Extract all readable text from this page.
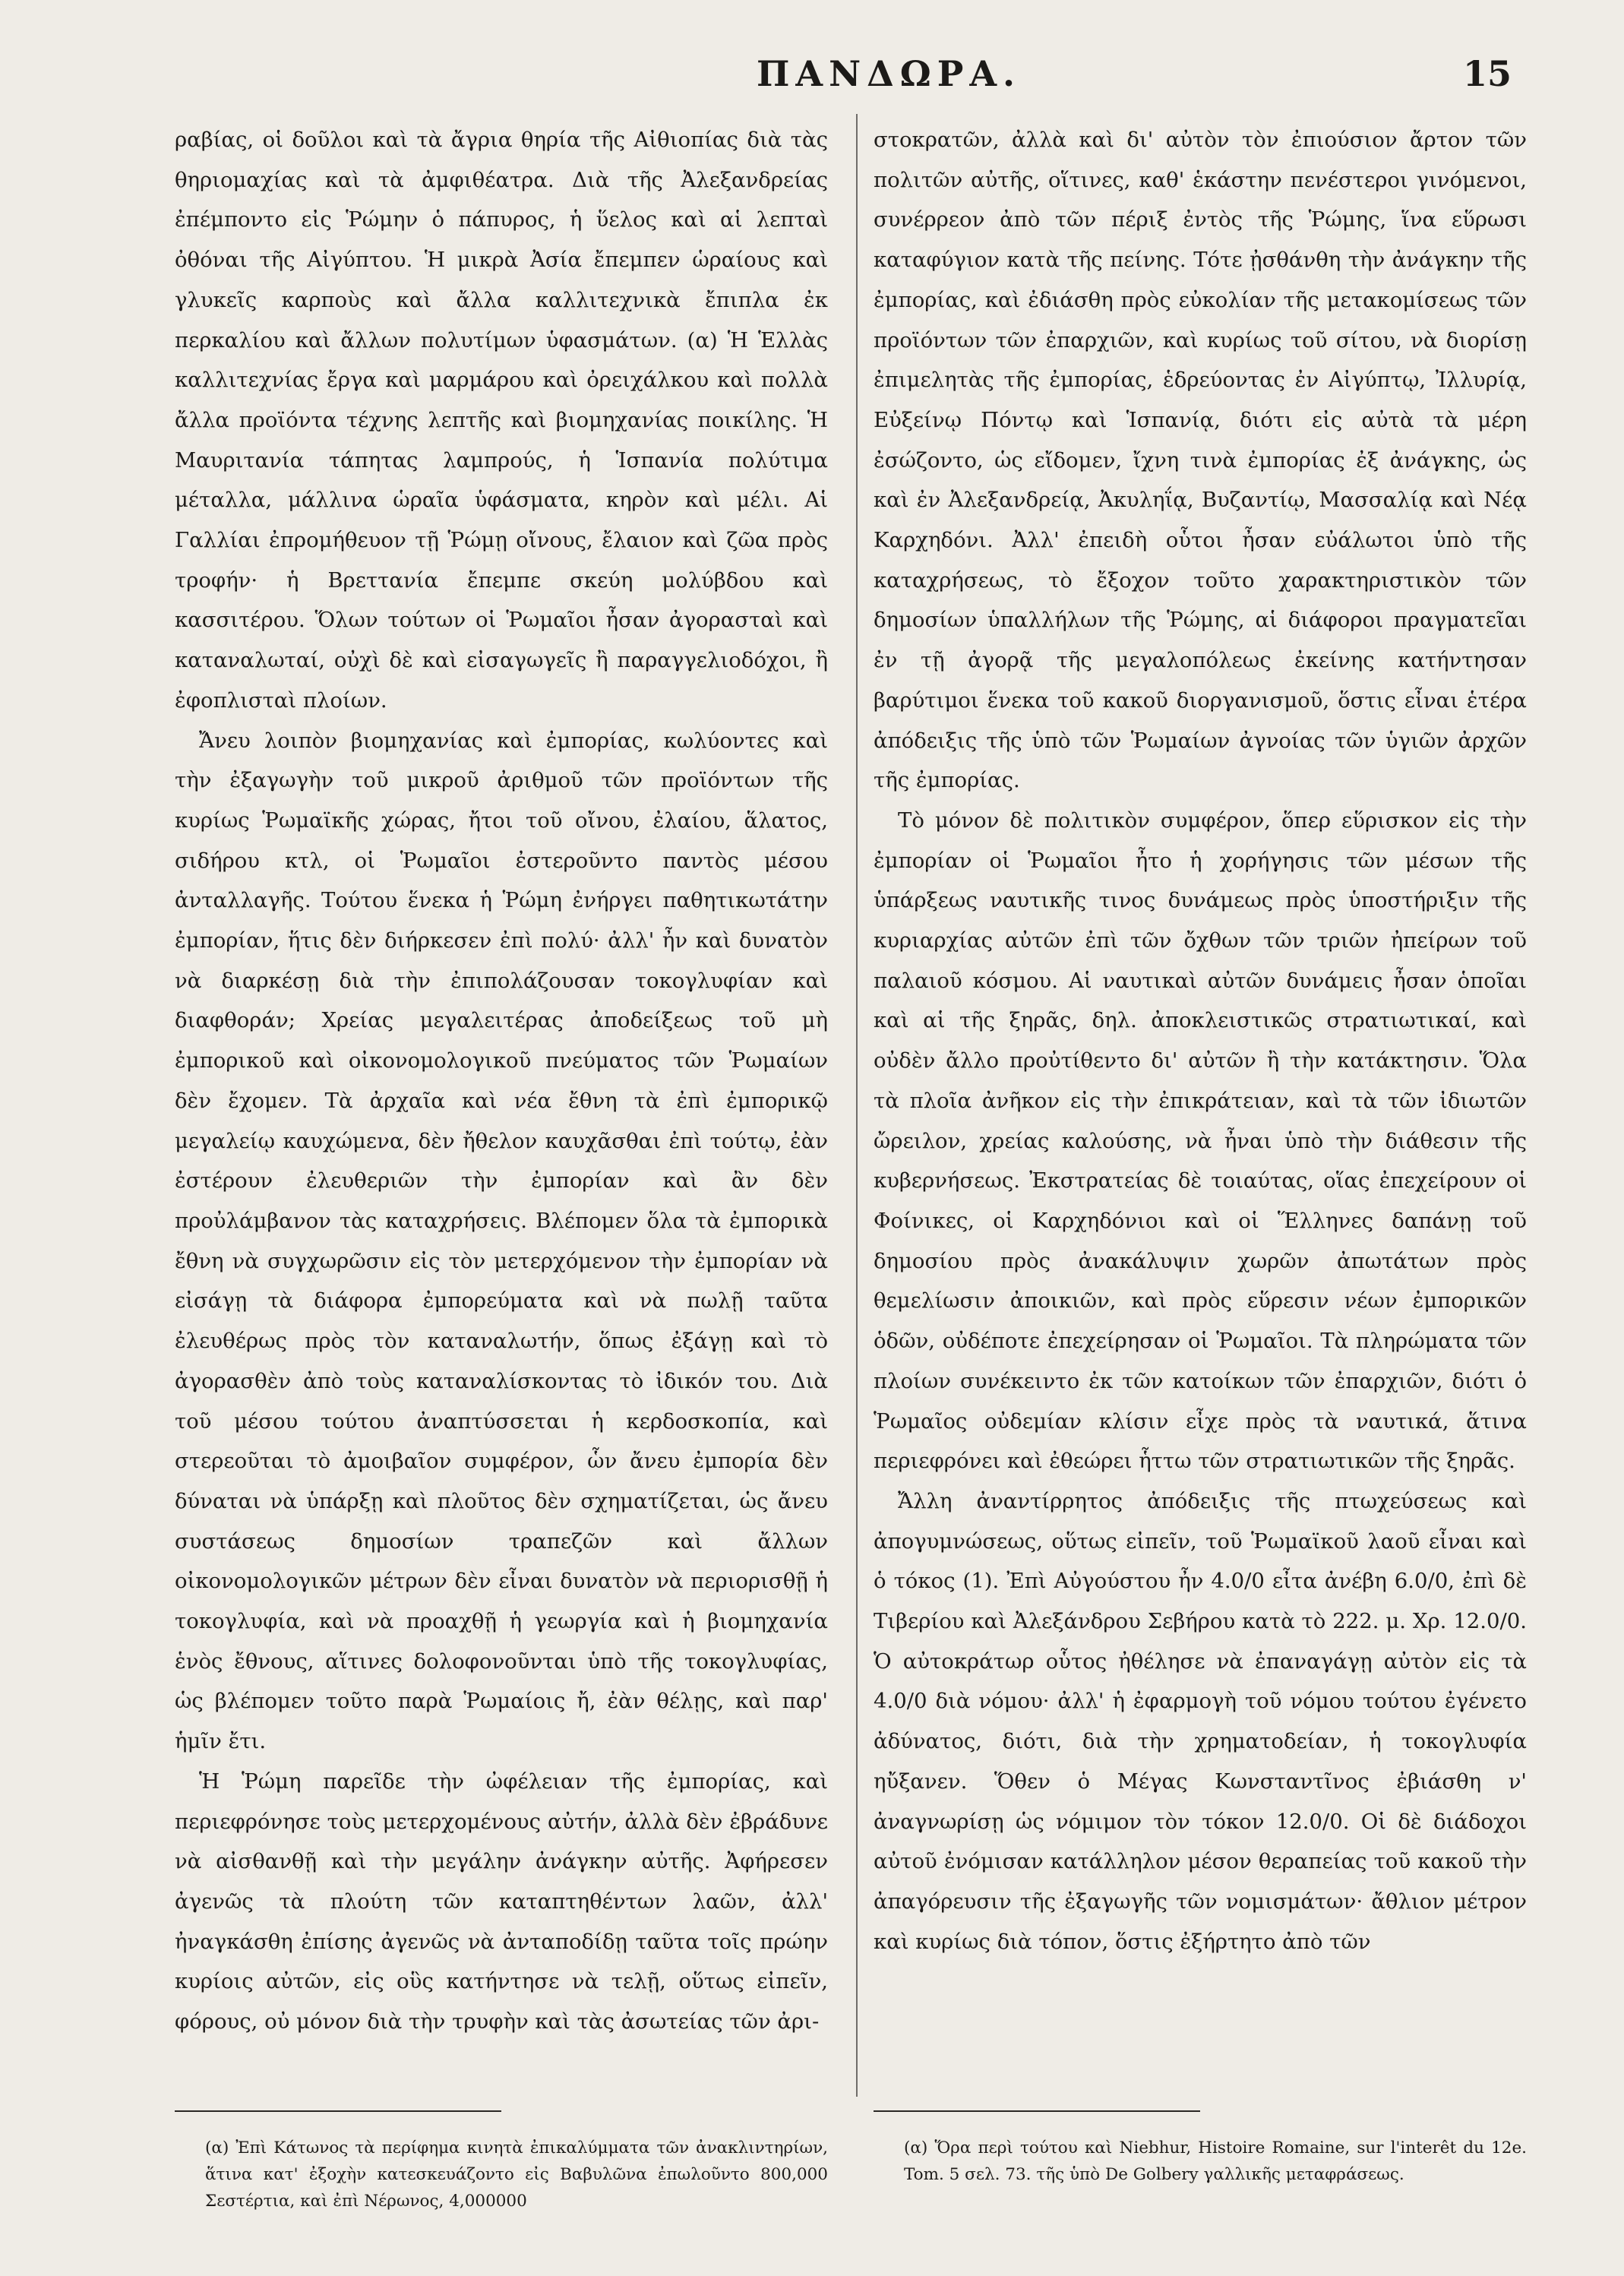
ΠΑΝΔΩΡΑ.	15

ραβίας, οἱ δοῦλοι καὶ τὰ ἄγρια θηρία τῆς Αἰθιοπίας διὰ τὰς θηριομαχίας καὶ τὰ ἀμφιθέατρα. Διὰ τῆς Ἀλεξανδρείας ἐπέμποντο εἰς Ῥώμην ὁ πάπυρος, ἡ ὕελος καὶ αἱ λεπταὶ ὀθόναι τῆς Αἰγύπτου. Ἡ μικρὰ Ἀσία ἔπεμπεν ὡραίους καὶ γλυκεῖς καρποὺς καὶ ἄλλα καλλιτεχνικὰ ἔπιπλα ἐκ περκαλίου καὶ ἄλλων πολυτίμων ὑφασμάτων. (α) Ἡ Ἑλλὰς καλλιτεχνίας ἔργα καὶ μαρμάρου καὶ ὀρειχάλκου καὶ πολλὰ ἄλλα προϊόντα τέχνης λεπτῆς καὶ βιομηχανίας ποικίλης. Ἡ Μαυριτανία τάπητας λαμπρούς, ἡ Ἱσπανία πολύτιμα μέταλλα, μάλλινα ὡραῖα ὑφάσματα, κηρὸν καὶ μέλι. Αἱ Γαλλίαι ἐπρομήθευον τῇ Ῥώμῃ οἴνους, ἔλαιον καὶ ζῶα πρὸς τροφήν· ἡ Βρεττανία ἔπεμπε σκεύη μολύβδου καὶ κασσιτέρου. Ὅλων τούτων οἱ Ῥωμαῖοι ἦσαν ἀγορασταὶ καὶ καταναλωταί, οὐχὶ δὲ καὶ εἰσαγωγεῖς ἢ παραγγελιοδόχοι, ἢ ἐφοπλισταὶ πλοίων.

Ἄνευ λοιπὸν βιομηχανίας καὶ ἐμπορίας, κωλύοντες καὶ τὴν ἐξαγωγὴν τοῦ μικροῦ ἀριθμοῦ τῶν προϊόντων τῆς κυρίως Ῥωμαϊκῆς χώρας, ἤτοι τοῦ οἴνου, ἐλαίου, ἅλατος, σιδήρου κτλ, οἱ Ῥωμαῖοι ἐστεροῦντο παντὸς μέσου ἀνταλλαγῆς. Τούτου ἕνεκα ἡ Ῥώμη ἐνήργει παθητικωτάτην ἐμπορίαν, ἥτις δὲν διήρκεσεν ἐπὶ πολύ· ἀλλ' ἦν καὶ δυνατὸν νὰ διαρκέσῃ διὰ τὴν ἐπιπολάζουσαν τοκογλυφίαν καὶ διαφθοράν; Χρείας μεγαλειτέρας ἀποδείξεως τοῦ μὴ ἐμπορικοῦ καὶ οἰκονομολογικοῦ πνεύματος τῶν Ῥωμαίων δὲν ἔχομεν. Τὰ ἀρχαῖα καὶ νέα ἔθνη τὰ ἐπὶ ἐμπορικῷ μεγαλείῳ καυχώμενα, δὲν ἤθελον καυχᾶσθαι ἐπὶ τούτῳ, ἐὰν ἐστέρουν ἐλευθεριῶν τὴν ἐμπορίαν καὶ ἂν δὲν προὐλάμβανον τὰς καταχρήσεις. Βλέπομεν ὅλα τὰ ἐμπορικὰ ἔθνη νὰ συγχωρῶσιν εἰς τὸν μετερχόμενον τὴν ἐμπορίαν νὰ εἰσάγῃ τὰ διάφορα ἐμπορεύματα καὶ νὰ πωλῇ ταῦτα ἐλευθέρως πρὸς τὸν καταναλωτήν, ὅπως ἐξάγῃ καὶ τὸ ἀγορασθὲν ἀπὸ τοὺς καταναλίσκοντας τὸ ἰδικόν του. Διὰ τοῦ μέσου τούτου ἀναπτύσσεται ἡ κερδοσκοπία, καὶ στερεοῦται τὸ ἀμοιβαῖον συμφέρον, ὧν ἄνευ ἐμπορία δὲν δύναται νὰ ὑπάρξῃ καὶ πλοῦτος δὲν σχηματίζεται, ὡς ἄνευ συστάσεως δημοσίων τραπεζῶν καὶ ἄλλων οἰκονομολογικῶν μέτρων δὲν εἶναι δυνατὸν νὰ περιορισθῇ ἡ τοκογλυφία, καὶ νὰ προαχθῇ ἡ γεωργία καὶ ἡ βιομηχανία ἑνὸς ἔθνους, αἵτινες δολοφονοῦνται ὑπὸ τῆς τοκογλυφίας, ὡς βλέπομεν τοῦτο παρὰ Ῥωμαίοις ἤ, ἐὰν θέλῃς, καὶ παρ' ἡμῖν ἔτι.

Ἡ Ῥώμη παρεῖδε τὴν ὠφέλειαν τῆς ἐμπορίας, καὶ περιεφρόνησε τοὺς μετερχομένους αὐτήν, ἀλλὰ δὲν ἐβράδυνε νὰ αἰσθανθῇ καὶ τὴν μεγάλην ἀνάγκην αὐτῆς. Ἀφήρεσεν ἀγενῶς τὰ πλούτη τῶν καταπτηθέντων λαῶν, ἀλλ' ἠναγκάσθη ἐπίσης ἀγενῶς νὰ ἀνταποδίδῃ ταῦτα τοῖς πρώην κυρίοις αὐτῶν, εἰς οὓς κατήντησε νὰ τελῇ, οὕτως εἰπεῖν, φόρους, οὐ μόνον διὰ τὴν τρυφὴν καὶ τὰς ἀσωτείας τῶν ἀρι-

στοκρατῶν, ἀλλὰ καὶ δι' αὐτὸν τὸν ἐπιούσιον ἄρτον τῶν πολιτῶν αὐτῆς, οἵτινες, καθ' ἑκάστην πενέστεροι γινόμενοι, συνέρρεον ἀπὸ τῶν πέριξ ἐντὸς τῆς Ῥώμης, ἵνα εὕρωσι καταφύγιον κατὰ τῆς πείνης. Τότε ᾐσθάνθη τὴν ἀνάγκην τῆς ἐμπορίας, καὶ ἐδιάσθη πρὸς εὐκολίαν τῆς μετακομίσεως τῶν προϊόντων τῶν ἐπαρχιῶν, καὶ κυρίως τοῦ σίτου, νὰ διορίσῃ ἐπιμελητὰς τῆς ἐμπορίας, ἑδρεύοντας ἐν Αἰγύπτῳ, Ἰλλυρίᾳ, Εὐξείνῳ Πόντῳ καὶ Ἱσπανίᾳ, διότι εἰς αὐτὰ τὰ μέρη ἐσώζοντο, ὡς εἴδομεν, ἴχνη τινὰ ἐμπορίας ἐξ ἀνάγκης, ὡς καὶ ἐν Ἀλεξανδρείᾳ, Ἀκυληΐᾳ, Βυζαντίῳ, Μασσαλίᾳ καὶ Νέᾳ Καρχηδόνι. Ἀλλ' ἐπειδὴ οὗτοι ἦσαν εὐάλωτοι ὑπὸ τῆς καταχρήσεως, τὸ ἔξοχον τοῦτο χαρακτηριστικὸν τῶν δημοσίων ὑπαλλήλων τῆς Ῥώμης, αἱ διάφοροι πραγματεῖαι ἐν τῇ ἀγορᾷ τῆς μεγαλοπόλεως ἐκείνης κατήντησαν βαρύτιμοι ἕνεκα τοῦ κακοῦ διοργανισμοῦ, ὅστις εἶναι ἑτέρα ἀπόδειξις τῆς ὑπὸ τῶν Ῥωμαίων ἀγνοίας τῶν ὑγιῶν ἀρχῶν τῆς ἐμπορίας.

Τὸ μόνον δὲ πολιτικὸν συμφέρον, ὅπερ εὕρισκον εἰς τὴν ἐμπορίαν οἱ Ῥωμαῖοι ἦτο ἡ χορήγησις τῶν μέσων τῆς ὑπάρξεως ναυτικῆς τινος δυνάμεως πρὸς ὑποστήριξιν τῆς κυριαρχίας αὐτῶν ἐπὶ τῶν ὄχθων τῶν τριῶν ἠπείρων τοῦ παλαιοῦ κόσμου. Αἱ ναυτικαὶ αὐτῶν δυνάμεις ἦσαν ὁποῖαι καὶ αἱ τῆς ξηρᾶς, δηλ. ἀποκλειστικῶς στρατιωτικαί, καὶ οὐδὲν ἄλλο προὐτίθεντο δι' αὐτῶν ἢ τὴν κατάκτησιν. Ὅλα τὰ πλοῖα ἀνῆκον εἰς τὴν ἐπικράτειαν, καὶ τὰ τῶν ἰδιωτῶν ὤρειλον, χρείας καλούσης, νὰ ἦναι ὑπὸ τὴν διάθεσιν τῆς κυβερνήσεως. Ἐκστρατείας δὲ τοιαύτας, οἵας ἐπεχείρουν οἱ Φοίνικες, οἱ Καρχηδόνιοι καὶ οἱ Ἕλληνες δαπάνῃ τοῦ δημοσίου πρὸς ἀνακάλυψιν χωρῶν ἀπωτάτων πρὸς θεμελίωσιν ἀποικιῶν, καὶ πρὸς εὕρεσιν νέων ἐμπορικῶν ὁδῶν, οὐδέποτε ἐπεχείρησαν οἱ Ῥωμαῖοι. Τὰ πληρώματα τῶν πλοίων συνέκειντο ἐκ τῶν κατοίκων τῶν ἐπαρχιῶν, διότι ὁ Ῥωμαῖος οὐδεμίαν κλίσιν εἶχε πρὸς τὰ ναυτικά, ἅτινα περιεφρόνει καὶ ἐθεώρει ἧττω τῶν στρατιωτικῶν τῆς ξηρᾶς.

Ἄλλη ἀναντίρρητος ἀπόδειξις τῆς πτωχεύσεως καὶ ἀπογυμνώσεως, οὕτως εἰπεῖν, τοῦ Ῥωμαϊκοῦ λαοῦ εἶναι καὶ ὁ τόκος (1). Ἐπὶ Αὐγούστου ἦν 4.0/0 εἶτα ἀνέβη 6.0/0, ἐπὶ δὲ Τιβερίου καὶ Ἀλεξάνδρου Σεβήρου κατὰ τὸ 222. μ. Χρ. 12.0/0. Ὁ αὐτοκράτωρ οὗτος ἠθέλησε νὰ ἐπαναγάγῃ αὐτὸν εἰς τὰ 4.0/0 διὰ νόμου· ἀλλ' ἡ ἐφαρμογὴ τοῦ νόμου τούτου ἐγένετο ἀδύνατος, διότι, διὰ τὴν χρηματοδείαν, ἡ τοκογλυφία ηὔξανεν. Ὅθεν ὁ Μέγας Κωνσταντῖνος ἐβιάσθη ν' ἀναγνωρίσῃ ὡς νόμιμον τὸν τόκον 12.0/0. Οἱ δὲ διάδοχοι αὐτοῦ ἐνόμισαν κατάλληλον μέσον θεραπείας τοῦ κακοῦ τὴν ἀπαγόρευσιν τῆς ἐξαγωγῆς τῶν νομισμάτων· ἄθλιον μέτρον καὶ κυρίως διὰ τόπον, ὅστις ἐξήρτητο ἀπὸ τῶν

(α) Ἐπὶ Κάτωνος τὰ περίφημα κινητὰ ἐπικαλύμματα τῶν ἀνακλιντηρίων, ἅτινα κατ' ἐξοχὴν κατεσκευάζοντο εἰς Βαβυλῶνα ἐπωλοῦντο 800,000 Σεστέρτια, καὶ ἐπὶ Νέρωνος, 4,000000
(α) Ὅρα περὶ τούτου καὶ Niebhur, Histoire Romaine, sur l'interêt du 12e. Tom. 5 σελ. 73. τῆς ὑπὸ De Golbery γαλλικῆς μεταφράσεως.
